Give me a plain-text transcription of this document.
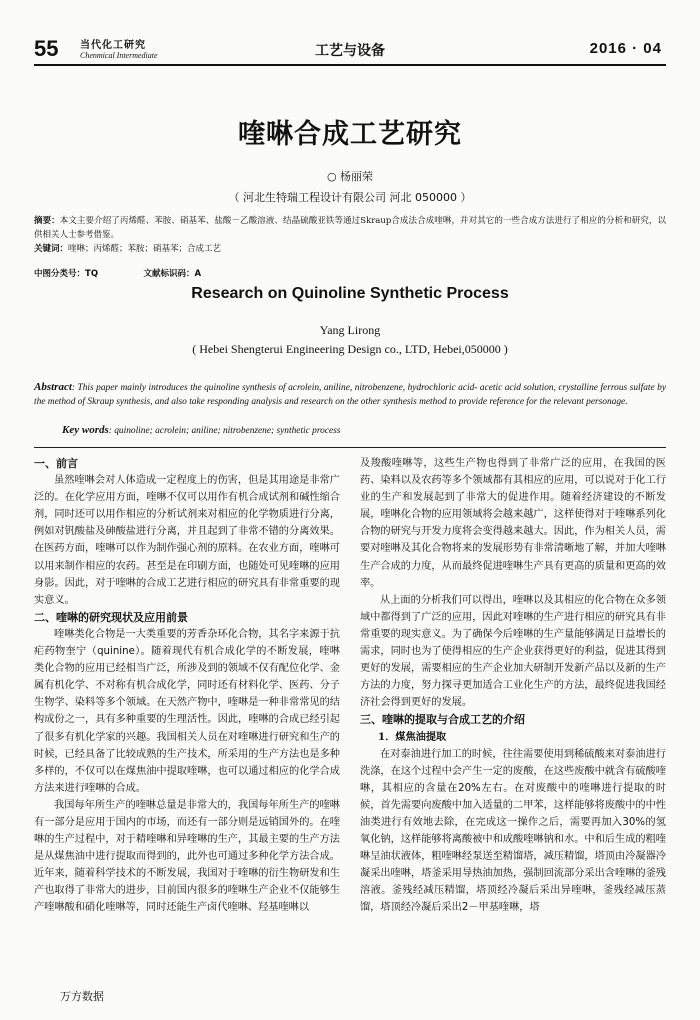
55 当代化工研究
Chenmical Intermediate	工艺与设备	2016 · 04
喹啉合成工艺研究
○ 杨丽荣
（ 河北生特瑞工程设计有限公司 河北 050000 ）
摘要：本文主要介绍了丙烯醛、苯胺、硝基苯、盐酸－乙酸溶液、结晶硫酸亚铁等通过Skraup合成法合成喹啉，并对其它的一些合成方法进行了相应的分析和研究，以供相关人士参考借鉴。
关键词：喹啉；丙烯醛；苯胺；硝基苯；合成工艺
中图分类号：TQ	文献标识码：A
Research on Quinoline Synthetic Process
Yang Lirong
( Hebei Shengterui Engineering Design co., LTD, Hebei,050000 )
Abstract: This paper mainly introduces the quinoline synthesis of acrolein, aniline, nitrobenzene, hydrochloric acid- acetic acid solution, crystalline ferrous sulfate by the method of Skraup synthesis, and also take responding analysis and research on the other synthesis method to provide reference for the relevant personage.
Key words: quinoline; acrolein; aniline; nitrobenzene; synthetic process
一、前言

虽然喹啉会对人体造成一定程度上的伤害，但是其用途是非常广泛的。在化学应用方面，喹啉不仅可以用作有机合成试剂和碱性缩合剂，同时还可以用作相应的分析试剂来对相应的化学物质进行分离，例如对钒酸盐及砷酸盐进行分离，并且起到了非常不错的分离效果。在医药方面，喹啉可以作为制作强心剂的原料。在农业方面，喹啉可以用来制作相应的农药。甚至是在印刷方面，也随处可见喹啉的应用身影。因此，对于喹啉的合成工艺进行相应的研究具有非常重要的现实意义。

二、喹啉的研究现状及应用前景

喹啉类化合物是一大类重要的芳香杂环化合物，其名字来源于抗疟药物奎宁（quinine）。随着现代有机合成化学的不断发展，喹啉类化合物的应用已经相当广泛，所涉及到的领域不仅有配位化学、金属有机化学、不对称有机合成化学，同时还有材料化学、医药、分子生物学、染料等多个领域。在天然产物中，喹啉是一种非常常见的结构成份之一，具有多种重要的生理活性。因此，喹啉的合成已经引起了很多有机化学家的兴趣。我国相关人员在对喹啉进行研究和生产的时候，已经具备了比较成熟的生产技术，所采用的生产方法也是多种多样的，不仅可以在煤焦油中提取喹啉，也可以通过相应的化学合成方法来进行喹啉的合成。

我国每年所生产的喹啉总量是非常大的，我国每年所生产的喹啉有一部分是应用于国内的市场，而还有一部分则是远销国外的。在喹啉的生产过程中，对于精喹啉和异喹啉的生产，其最主要的生产方法是从煤焦油中进行提取而得到的，此外也可通过多种化学方法合成。近年来，随着科学技术的不断发展，我国对于喹啉的衍生物研发和生产也取得了非常大的进步，目前国内很多的喹啉生产企业不仅能够生产喹啉酸和硝化喹啉等，同时还能生产卤代喹啉、羟基喹啉以

及羧酸喹啉等，这些生产物也得到了非常广泛的应用，在我国的医药、染料以及农药等多个领域都有其相应的应用，可以说对于化工行业的生产和发展起到了非常大的促进作用。随着经济建设的不断发展，喹啉化合物的应用领域将会越来越广，这样使得对于喹啉系列化合物的研究与开发力度将会变得越来越大。因此，作为相关人员，需要对喹啉及其化合物将来的发展形势有非常清晰地了解，并加大喹啉生产合成的力度，从而最终促进喹啉生产具有更高的质量和更高的效率。

从上面的分析我们可以得出，喹啉以及其相应的化合物在众多领域中都得到了广泛的应用，因此对喹啉的生产进行相应的研究具有非常重要的现实意义。为了确保今后喹啉的生产量能够满足日益增长的需求，同时也为了使得相应的生产企业获得更好的利益，促进其得到更好的发展，需要相应的生产企业加大研制开发新产品以及新的生产方法的力度，努力探寻更加适合工业化生产的方法，最终促进我国经济社会得到更好的发展。

三、喹啉的提取与合成工艺的介绍
1．煤焦油提取

在对泰油进行加工的时候，往往需要使用到稀硫酸来对泰油进行洗涤，在这个过程中会产生一定的废酸，在这些废酸中就含有硫酸喹啉，其相应的含量在20%左右。在对废酸中的喹啉进行提取的时候，首先需要向废酸中加入适量的二甲苯，这样能够将废酸中的中性油类进行有效地去除，在完成这一操作之后，需要再加入30%的氢氧化钠，这样能够将离酸被中和成酸喹啉钠和水。中和后生成的粗喹啉呈油状液体，粗喹啉经泵送至精馏塔，减压精馏，塔顶由冷凝器冷凝采出喹啉，塔釜采用导热油加热，强制回流部分采出含喹啉的釜残溶液。釜残经减压精馏，塔顶经冷凝后采出异喹啉，釜残经减压蒸馏，塔顶经冷凝后采出2－甲基喹啉，塔

万方数据
